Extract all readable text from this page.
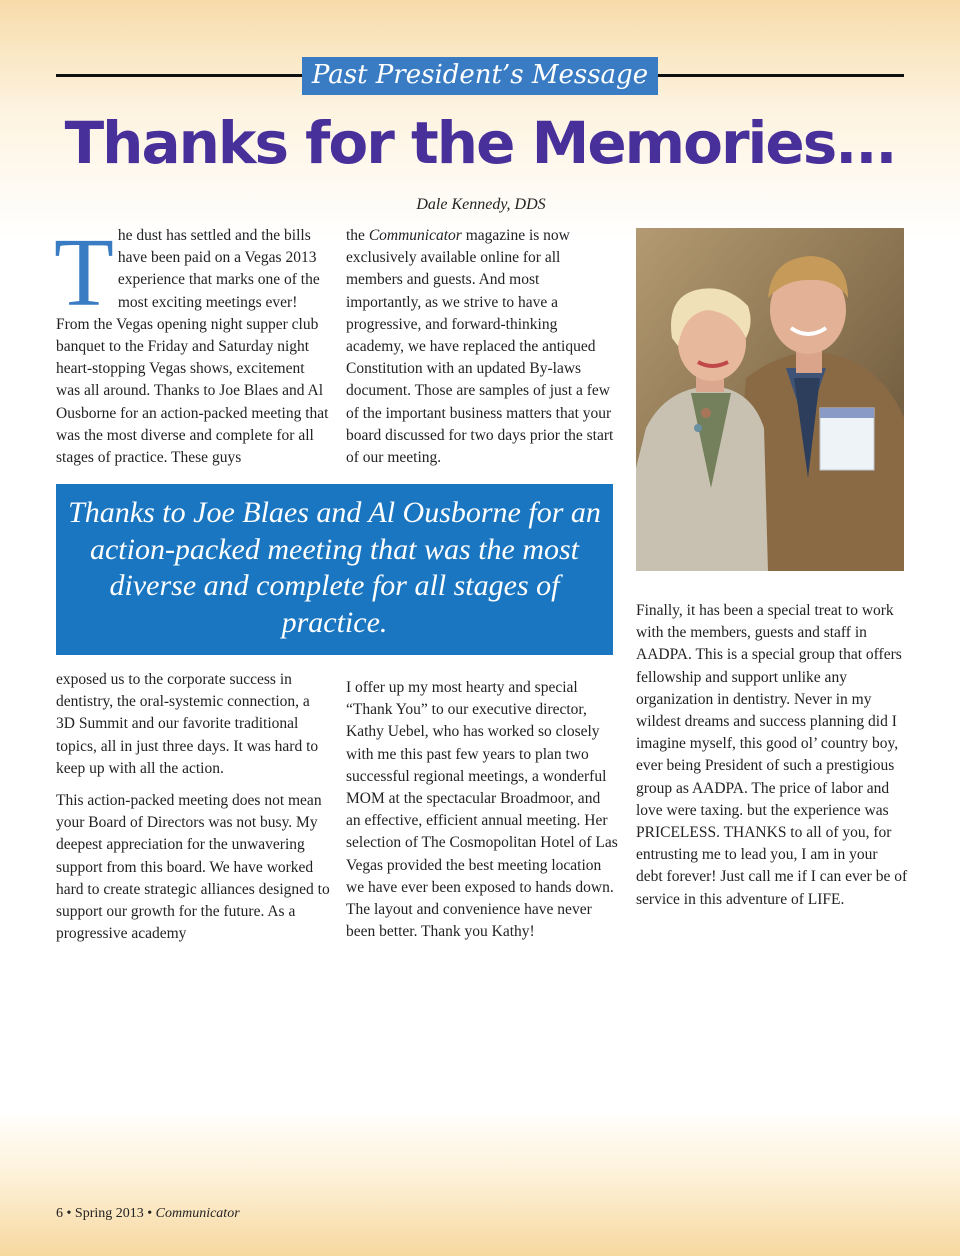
Past President’s Message
Thanks for the Memories...
Dale Kennedy, DDS

The dust has settled and the bills have been paid on a Vegas 2013 experience that marks one of the most exciting meetings ever! From the Vegas opening night supper club banquet to the Friday and Saturday night heart-stopping Vegas shows, excitement was all around. Thanks to Joe Blaes and Al Ousborne for an action-packed meeting that was the most diverse and complete for all stages of practice. These guys

the Communicator magazine is now exclusively available online for all members and guests. And most importantly, as we strive to have a progressive, and forward-thinking academy, we have replaced the antiqued Constitution with an updated By-laws document. Those are samples of just a few of the important business matters that your board discussed for two days prior the start of our meeting.

Thanks to Joe Blaes and Al Ousborne for an action-packed meeting that was the most diverse and complete for all stages of practice.

exposed us to the corporate success in dentistry, the oral-systemic connection, a 3D Summit and our favorite traditional topics, all in just three days. It was hard to keep up with all the action.

This action-packed meeting does not mean your Board of Directors was not busy. My deepest appreciation for the unwavering support from this board. We have worked hard to create strategic alliances designed to support our growth for the future. As a progressive academy

I offer up my most hearty and special “Thank You” to our executive director, Kathy Uebel, who has worked so closely with me this past few years to plan two successful regional meetings, a wonderful MOM at the spectacular Broadmoor, and an effective, efficient annual meeting. Her selection of The Cosmopolitan Hotel of Las Vegas provided the best meeting location we have ever been exposed to hands down. The layout and convenience have never been better. Thank you Kathy!

Finally, it has been a special treat to work with the members, guests and staff in AADPA. This is a special group that offers fellowship and support unlike any organization in dentistry. Never in my wildest dreams and success planning did I imagine myself, this good ol’ country boy, ever being President of such a prestigious group as AADPA. The price of labor and love were taxing. but the experience was PRICELESS. THANKS to all of you, for entrusting me to lead you, I am in your debt forever! Just call me if I can ever be of service in this adventure of LIFE.

6 • Spring 2013 • Communicator
